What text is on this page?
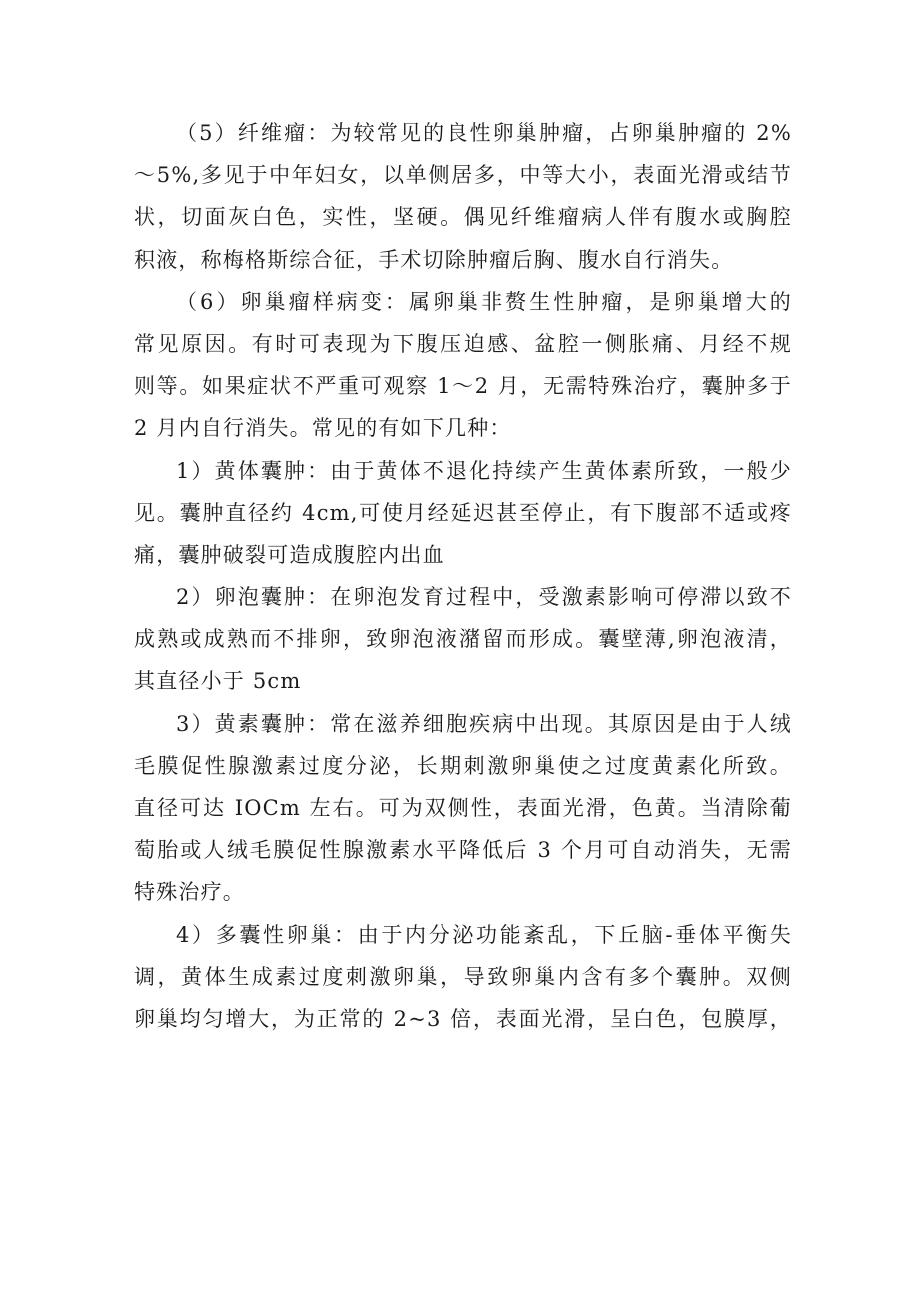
（5）纤维瘤：为较常见的良性卵巢肿瘤，占卵巢肿瘤的 2%
～5%,多见于中年妇女，以单侧居多，中等大小，表面光滑或结节
状，切面灰白色，实性，坚硬。偶见纤维瘤病人伴有腹水或胸腔
积液，称梅格斯综合征，手术切除肿瘤后胸、腹水自行消失。
（6）卵巢瘤样病变：属卵巢非赘生性肿瘤，是卵巢增大的
常见原因。有时可表现为下腹压迫感、盆腔一侧胀痛、月经不规
则等。如果症状不严重可观察 1～2 月，无需特殊治疗，囊肿多于
2 月内自行消失。常见的有如下几种：
1）黄体囊肿：由于黄体不退化持续产生黄体素所致，一般少
见。囊肿直径约 4cm,可使月经延迟甚至停止，有下腹部不适或疼
痛，囊肿破裂可造成腹腔内出血
2）卵泡囊肿：在卵泡发育过程中，受激素影响可停滞以致不
成熟或成熟而不排卵，致卵泡液潴留而形成。囊壁薄,卵泡液清，
其直径小于 5cm
3）黄素囊肿：常在滋养细胞疾病中出现。其原因是由于人绒
毛膜促性腺激素过度分泌，长期刺激卵巢使之过度黄素化所致。
直径可达 IOCm 左右。可为双侧性，表面光滑，色黄。当清除葡
萄胎或人绒毛膜促性腺激素水平降低后 3 个月可自动消失，无需
特殊治疗。
4）多囊性卵巢：由于内分泌功能紊乱，下丘脑-垂体平衡失
调，黄体生成素过度刺激卵巢，导致卵巢内含有多个囊肿。双侧
卵巢均匀增大，为正常的 2~3 倍，表面光滑，呈白色，包膜厚，
